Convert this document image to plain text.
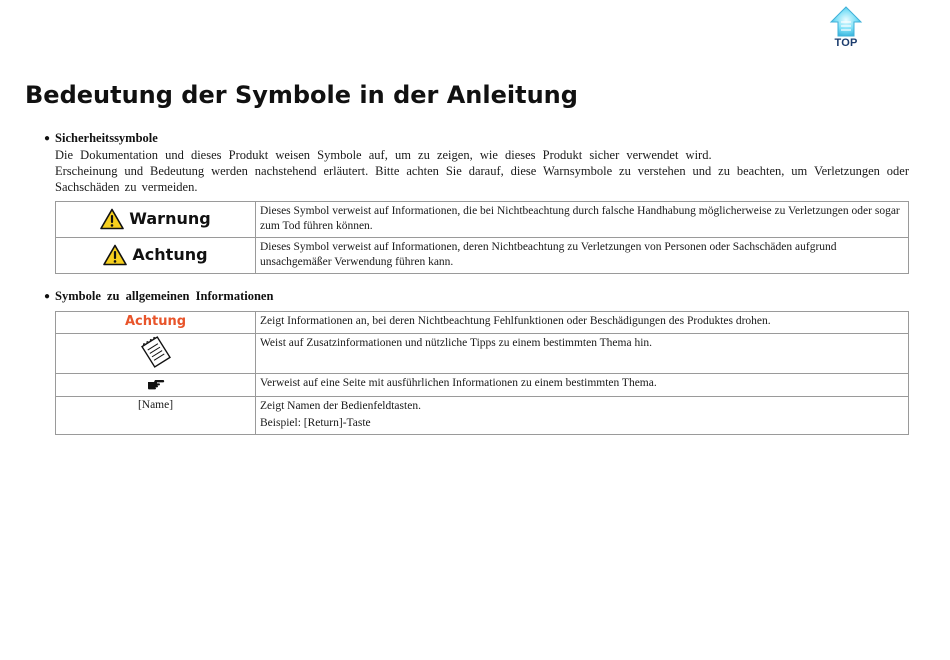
TOP
Bedeutung der Symbole in der Anleitung
● Sicherheitssymbole

Die Dokumentation und dieses Produkt weisen Symbole auf, um zu zeigen, wie dieses Produkt sicher verwendet wird.

Erscheinung und Bedeutung werden nachstehend erläutert. Bitte achten Sie darauf, diese Warnsymbole zu verstehen und zu beachten, um Verletzungen oder Sachschäden zu vermeiden.

Warnung	Dieses Symbol verweist auf Informationen, die bei Nichtbeachtung durch falsche Handhabung möglicherweise zu Verletzungen oder sogar zum Tod führen können.

Achtung	Dieses Symbol verweist auf Informationen, deren Nichtbeachtung zu Verletzungen von Personen oder Sachschäden aufgrund unsachgemäßer Verwendung führen kann.
● Symbole zu allgemeinen Informationen
Achtung	Zeigt Informationen an, bei deren Nichtbeachtung Fehlfunktionen oder Beschädigungen des Produktes drohen.
	Weist auf Zusatzinformationen und nützliche Tipps zu einem bestimmten Thema hin.
	Verweist auf eine Seite mit ausführlichen Informationen zu einem bestimmten Thema.
[Name]	Zeigt Namen der Bedienfeldtasten.

Beispiel: [Return]-Taste
